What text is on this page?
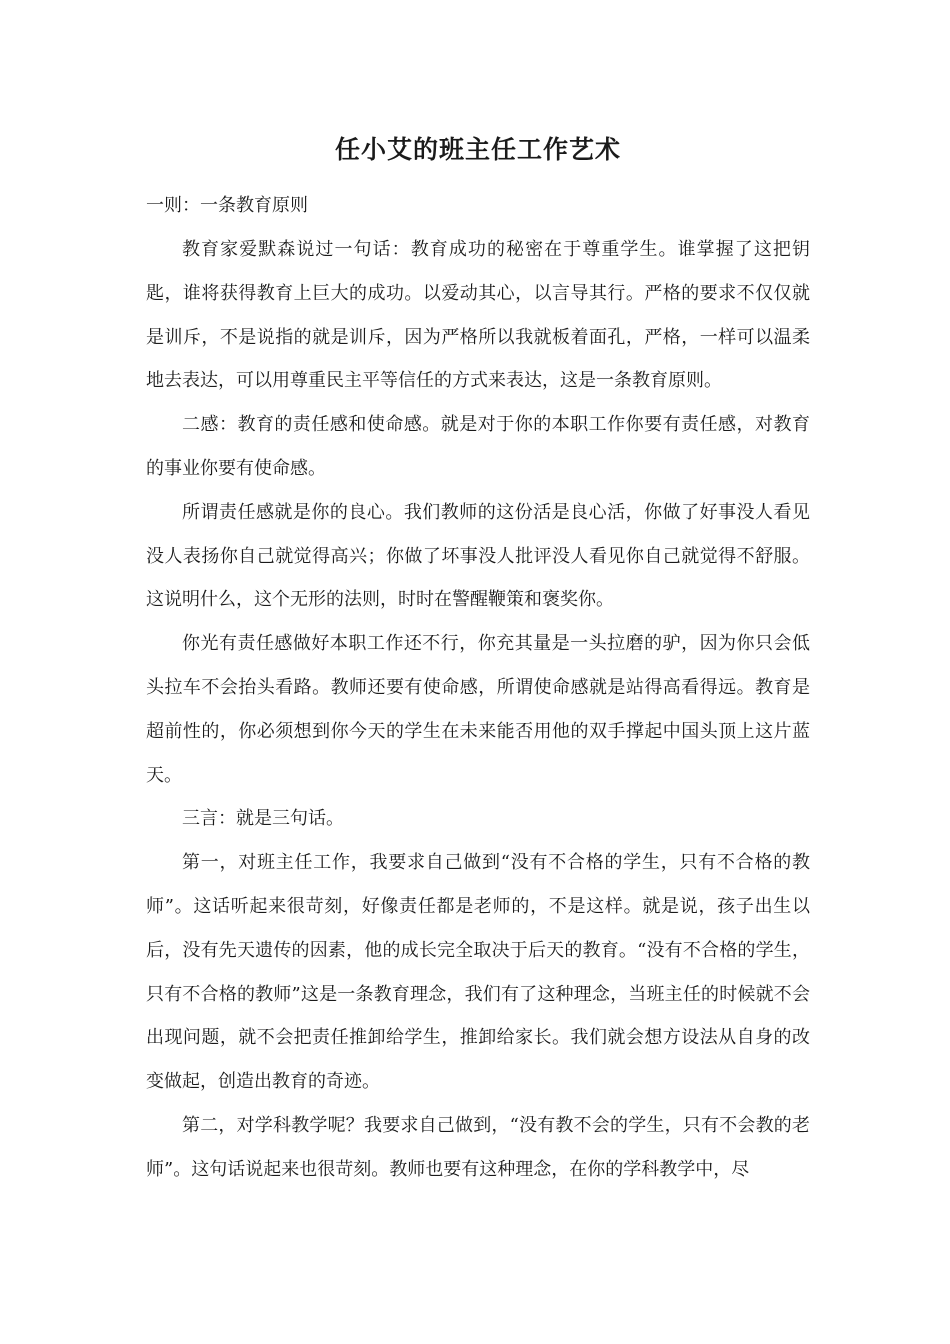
任小艾的班主任工作艺术
一则：一条教育原则

教育家爱默森说过一句话：教育成功的秘密在于尊重学生。谁掌握了这把钥匙，谁将获得教育上巨大的成功。以爱动其心，以言导其行。严格的要求不仅仅就是训斥，不是说指的就是训斥，因为严格所以我就板着面孔，严格，一样可以温柔地去表达，可以用尊重民主平等信任的方式来表达，这是一条教育原则。

二感：教育的责任感和使命感。就是对于你的本职工作你要有责任感，对教育的事业你要有使命感。

所谓责任感就是你的良心。我们教师的这份活是良心活，你做了好事没人看见没人表扬你自己就觉得高兴；你做了坏事没人批评没人看见你自己就觉得不舒服。这说明什么，这个无形的法则，时时在警醒鞭策和褒奖你。

你光有责任感做好本职工作还不行，你充其量是一头拉磨的驴，因为你只会低头拉车不会抬头看路。教师还要有使命感，所谓使命感就是站得高看得远。教育是超前性的，你必须想到你今天的学生在未来能否用他的双手撑起中国头顶上这片蓝天。

三言：就是三句话。

第一，对班主任工作，我要求自己做到“没有不合格的学生，只有不合格的教师”。这话听起来很苛刻，好像责任都是老师的，不是这样。就是说，孩子出生以后，没有先天遗传的因素，他的成长完全取决于后天的教育。“没有不合格的学生，只有不合格的教师”这是一条教育理念，我们有了这种理念，当班主任的时候就不会出现问题，就不会把责任推卸给学生，推卸给家长。我们就会想方设法从自身的改变做起，创造出教育的奇迹。

第二，对学科教学呢？我要求自己做到，“没有教不会的学生，只有不会教的老师”。这句话说起来也很苛刻。教师也要有这种理念，在你的学科教学中，尽
